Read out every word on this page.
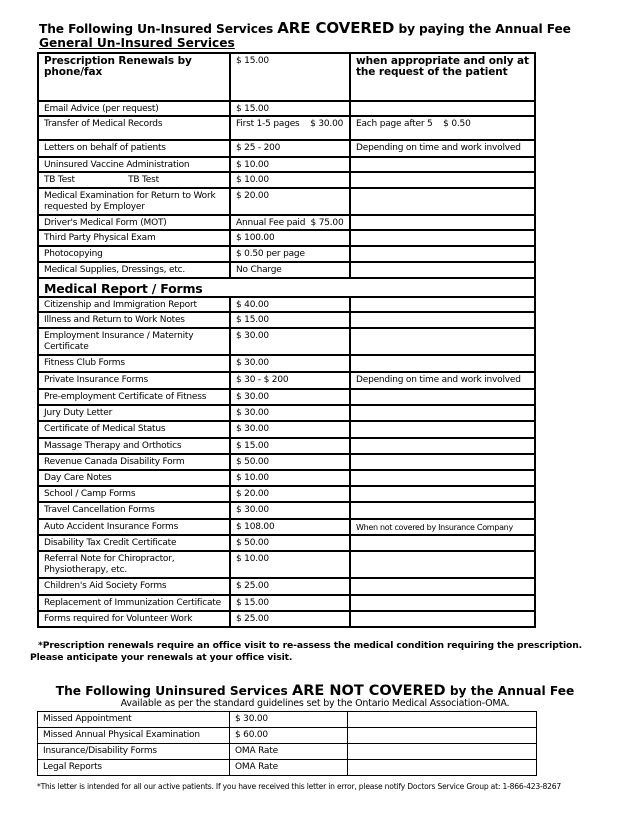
The Following Un-Insured Services ARE COVERED by paying the Annual Fee
General Un-Insured Services
Prescription Renewals by phone/fax	$ 15.00	when appropriate and only at the request of the patient
Email Advice (per request)	$ 15.00	
Transfer of Medical Records	First 1-5 pages    $ 30.00	Each page after 5    $ 0.50
Letters on behalf of patients	$ 25 - 200	Depending on time and work involved
Uninsured Vaccine Administration	$ 10.00	
TB Test                    TB Test	$ 10.00	
Medical Examination for Return to Work requested by Employer	$ 20.00	
Driver's Medical Form (MOT)	Annual Fee paid  $ 75.00	
Third Party Physical Exam	$ 100.00	
Photocopying	$ 0.50 per page	
Medical Supplies, Dressings, etc.	No Charge	
Medical Report / Forms		
Citizenship and Immigration Report	$ 40.00	
Illness and Return to Work Notes	$ 15.00	
Employment Insurance / Maternity Certificate	$ 30.00	
Fitness Club Forms	$ 30.00	
Private Insurance Forms	$ 30 - $ 200	Depending on time and work involved
Pre-employment Certificate of Fitness	$ 30.00	
Jury Duty Letter	$ 30.00	
Certificate of Medical Status	$ 30.00	
Massage Therapy and Orthotics	$ 15.00	
Revenue Canada Disability Form	$ 50.00	
Day Care Notes	$ 10.00	
School / Camp Forms	$ 20.00	
Travel Cancellation Forms	$ 30.00	
Auto Accident Insurance Forms	$ 108.00	When not covered by Insurance Company
Disability Tax Credit Certificate	$ 50.00	
Referral Note for Chiropractor, Physiotherapy, etc.	$ 10.00	
Children's Aid Society Forms	$ 25.00	
Replacement of Immunization Certificate	$ 15.00	
Forms required for Volunteer Work	$ 25.00	
*Prescription renewals require an office visit to re-assess the medical condition requiring the prescription. Please anticipate your renewals at your office visit.
The Following Uninsured Services ARE NOT COVERED by the Annual Fee
Available as per the standard guidelines set by the Ontario Medical Association-OMA.
Missed Appointment	$ 30.00	
Missed Annual Physical Examination	$ 60.00	
Insurance/Disability Forms	OMA Rate	
Legal Reports	OMA Rate	
*This letter is intended for all our active patients. If you have received this letter in error, please notify Doctors Service Group at: 1-866-423-8267
